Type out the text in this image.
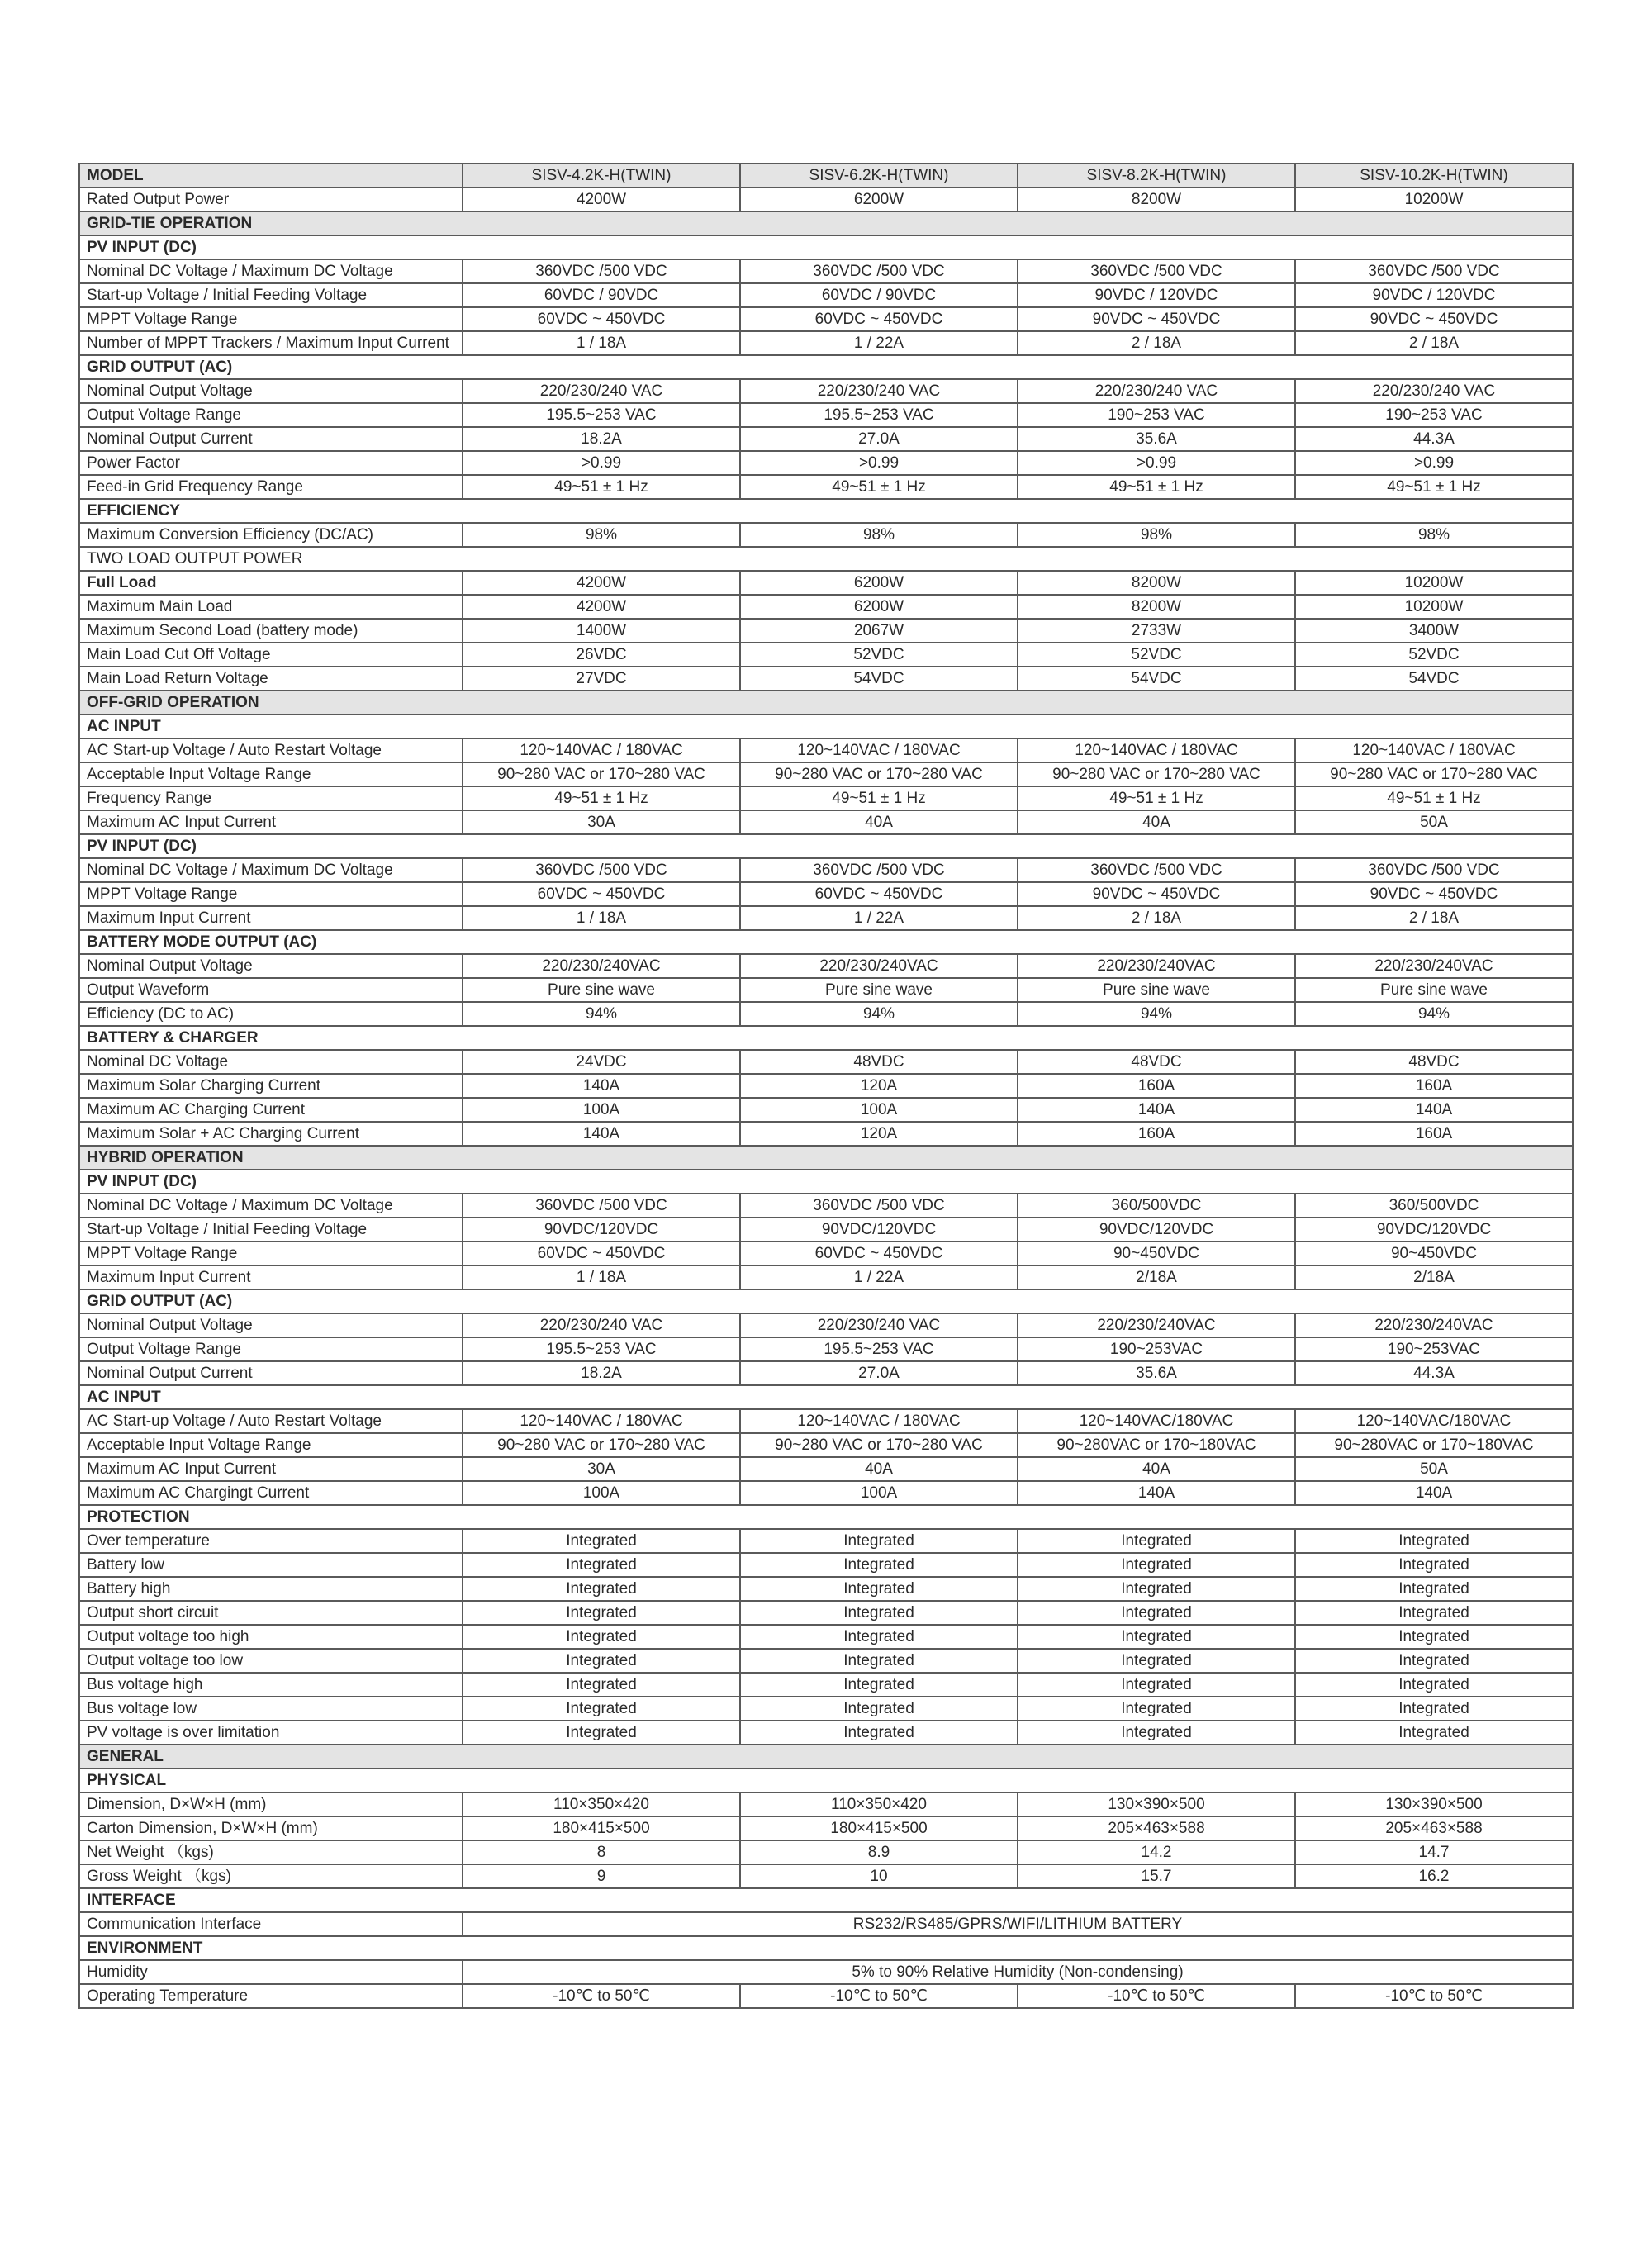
MODEL	SISV-4.2K-H(TWIN)	SISV-6.2K-H(TWIN)	SISV-8.2K-H(TWIN)	SISV-10.2K-H(TWIN)
Rated Output Power	4200W	6200W	8200W	10200W
GRID-TIE OPERATION				
PV INPUT (DC)				
Nominal DC Voltage / Maximum DC Voltage	360VDC /500 VDC	360VDC /500 VDC	360VDC /500 VDC	360VDC /500 VDC
Start-up Voltage / Initial Feeding Voltage	60VDC / 90VDC	60VDC / 90VDC	90VDC / 120VDC	90VDC / 120VDC
MPPT Voltage Range	60VDC ~ 450VDC	60VDC ~ 450VDC	90VDC ~ 450VDC	90VDC ~ 450VDC
Number of MPPT Trackers / Maximum Input Current	1 / 18A	1 / 22A	2 / 18A	2 / 18A
GRID OUTPUT (AC)				
Nominal Output Voltage	220/230/240 VAC	220/230/240 VAC	220/230/240 VAC	220/230/240 VAC
Output Voltage Range	195.5~253 VAC	195.5~253 VAC	190~253 VAC	190~253 VAC
Nominal Output Current	18.2A	27.0A	35.6A	44.3A
Power Factor	>0.99	>0.99	>0.99	>0.99
Feed-in Grid Frequency Range	49~51 ± 1 Hz	49~51 ± 1 Hz	49~51 ± 1 Hz	49~51 ± 1 Hz
EFFICIENCY				
Maximum Conversion Efficiency (DC/AC)	98%	98%	98%	98%
TWO LOAD OUTPUT POWER				
Full Load	4200W	6200W	8200W	10200W
Maximum Main Load	4200W	6200W	8200W	10200W
Maximum Second Load (battery mode)	1400W	2067W	2733W	3400W
Main Load Cut Off Voltage	26VDC	52VDC	52VDC	52VDC
Main Load Return Voltage	27VDC	54VDC	54VDC	54VDC
OFF-GRID OPERATION				
AC INPUT				
AC Start-up Voltage / Auto Restart Voltage	120~140VAC / 180VAC	120~140VAC / 180VAC	120~140VAC / 180VAC	120~140VAC / 180VAC
Acceptable Input Voltage Range	90~280 VAC or 170~280 VAC	90~280 VAC or 170~280 VAC	90~280 VAC or 170~280 VAC	90~280 VAC or 170~280 VAC
Frequency Range	49~51 ± 1 Hz	49~51 ± 1 Hz	49~51 ± 1 Hz	49~51 ± 1 Hz
Maximum AC Input Current	30A	40A	40A	50A
PV INPUT (DC)				
Nominal DC Voltage / Maximum DC Voltage	360VDC /500 VDC	360VDC /500 VDC	360VDC /500 VDC	360VDC /500 VDC
MPPT Voltage Range	60VDC ~ 450VDC	60VDC ~ 450VDC	90VDC ~ 450VDC	90VDC ~ 450VDC
Maximum Input Current	1 / 18A	1 / 22A	2 / 18A	2 / 18A
BATTERY MODE OUTPUT (AC)				
Nominal Output Voltage	220/230/240VAC	220/230/240VAC	220/230/240VAC	220/230/240VAC
Output Waveform	Pure sine wave	Pure sine wave	Pure sine wave	Pure sine wave
Efficiency (DC to AC)	94%	94%	94%	94%
BATTERY & CHARGER				
Nominal DC Voltage	24VDC	48VDC	48VDC	48VDC
Maximum Solar Charging Current	140A	120A	160A	160A
Maximum AC Charging Current	100A	100A	140A	140A
Maximum Solar + AC Charging Current	140A	120A	160A	160A
HYBRID OPERATION				
PV INPUT (DC)				
Nominal DC Voltage / Maximum DC Voltage	360VDC /500 VDC	360VDC /500 VDC	360/500VDC	360/500VDC
Start-up Voltage / Initial Feeding Voltage	90VDC/120VDC	90VDC/120VDC	90VDC/120VDC	90VDC/120VDC
MPPT Voltage Range	60VDC ~ 450VDC	60VDC ~ 450VDC	90~450VDC	90~450VDC
Maximum Input Current	1 / 18A	1 / 22A	2/18A	2/18A
GRID OUTPUT (AC)				
Nominal Output Voltage	220/230/240 VAC	220/230/240 VAC	220/230/240VAC	220/230/240VAC
Output Voltage Range	195.5~253 VAC	195.5~253 VAC	190~253VAC	190~253VAC
Nominal Output Current	18.2A	27.0A	35.6A	44.3A
AC INPUT				
AC Start-up Voltage / Auto Restart Voltage	120~140VAC / 180VAC	120~140VAC / 180VAC	120~140VAC/180VAC	120~140VAC/180VAC
Acceptable Input Voltage Range	90~280 VAC or 170~280 VAC	90~280 VAC or 170~280 VAC	90~280VAC or 170~180VAC	90~280VAC or 170~180VAC
Maximum AC Input Current	30A	40A	40A	50A
Maximum AC Chargingt Current	100A	100A	140A	140A
PROTECTION				
Over temperature	Integrated	Integrated	Integrated	Integrated
Battery low	Integrated	Integrated	Integrated	Integrated
Battery high	Integrated	Integrated	Integrated	Integrated
Output short circuit	Integrated	Integrated	Integrated	Integrated
Output voltage too high	Integrated	Integrated	Integrated	Integrated
Output voltage too low	Integrated	Integrated	Integrated	Integrated
Bus voltage high	Integrated	Integrated	Integrated	Integrated
Bus voltage low	Integrated	Integrated	Integrated	Integrated
PV voltage is over limitation	Integrated	Integrated	Integrated	Integrated
GENERAL				
PHYSICAL				
Dimension, D×W×H (mm)	110×350×420	110×350×420	130×390×500	130×390×500
Carton Dimension, D×W×H (mm)	180×415×500	180×415×500	205×463×588	205×463×588
Net Weight （kgs)	8	8.9	14.2	14.7
Gross Weight （kgs)	9	10	15.7	16.2
INTERFACE				
Communication Interface	RS232/RS485/GPRS/WIFI/LITHIUM BATTERY			
ENVIRONMENT				
Humidity	5% to 90% Relative Humidity (Non-condensing)			
Operating Temperature	-10℃ to 50℃	-10℃ to 50℃	-10℃ to 50℃	-10℃ to 50℃
